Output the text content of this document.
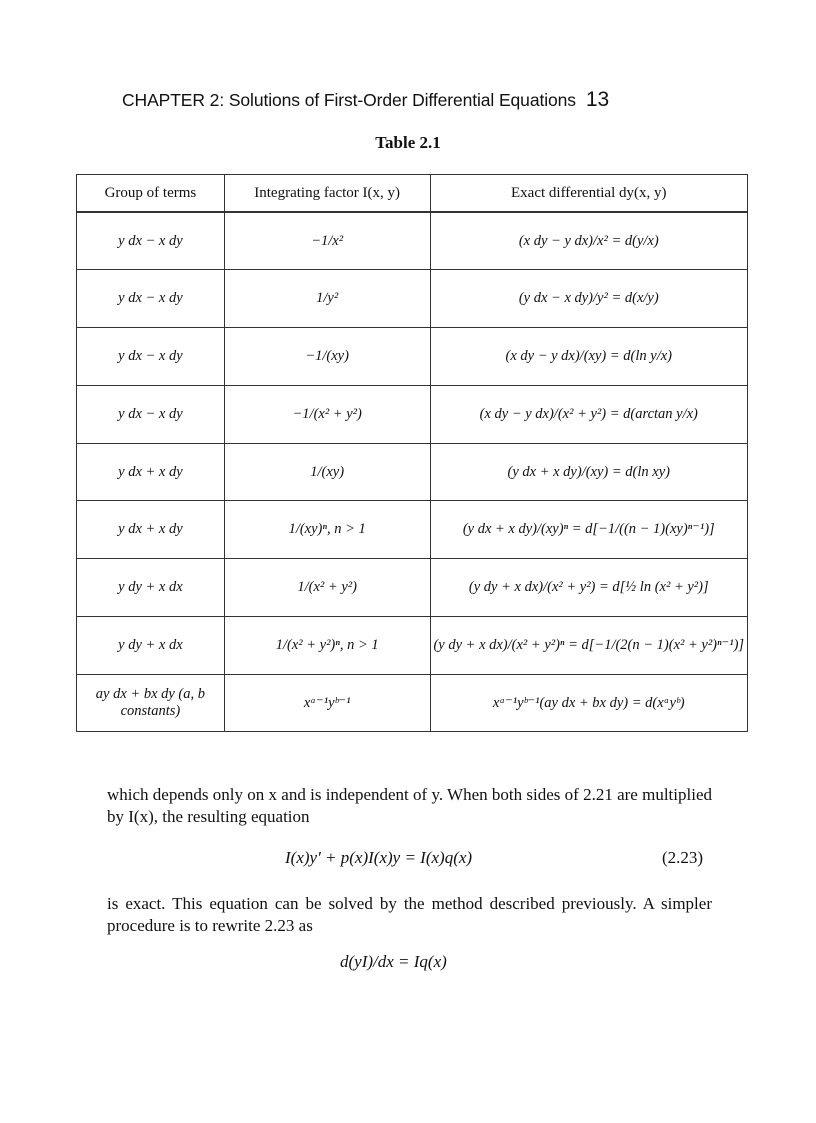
CHAPTER 2: Solutions of First-Order Differential Equations 13
Table 2.1
Group of terms	Integrating factor I(x, y)	Exact differential dy(x, y)

y dx − x dy	−1/x²	(x dy − y dx)/x² = d(y/x)
y dx − x dy	1/y²	(y dx − x dy)/y² = d(x/y)
y dx − x dy	−1/(xy)	(x dy − y dx)/(xy) = d(ln y/x)
y dx − x dy	−1/(x² + y²)	(x dy − y dx)/(x² + y²) = d(arctan y/x)
y dx + x dy	1/(xy)	(y dx + x dy)/(xy) = d(ln xy)
y dx + x dy	1/(xy)ⁿ, n > 1	(y dx + x dy)/(xy)ⁿ = d[−1/((n − 1)(xy)ⁿ⁻¹)]
y dy + x dx	1/(x² + y²)	(y dy + x dx)/(x² + y²) = d[½ ln (x² + y²)]
y dy + x dx	1/(x² + y²)ⁿ, n > 1	(y dy + x dx)/(x² + y²)ⁿ = d[−1/(2(n − 1)(x² + y²)ⁿ⁻¹)]
ay dx + bx dy (a, b constants)	xᵃ⁻¹yᵇ⁻¹	xᵃ⁻¹yᵇ⁻¹(ay dx + bx dy) = d(xᵃyᵇ)
which depends only on x and is independent of y. When both sides of 2.21 are multiplied by I(x), the resulting equation
I(x)y′ + p(x)I(x)y = I(x)q(x)	(2.23)
is exact. This equation can be solved by the method described previously. A simpler procedure is to rewrite 2.23 as
d(yI)/dx = Iq(x)
